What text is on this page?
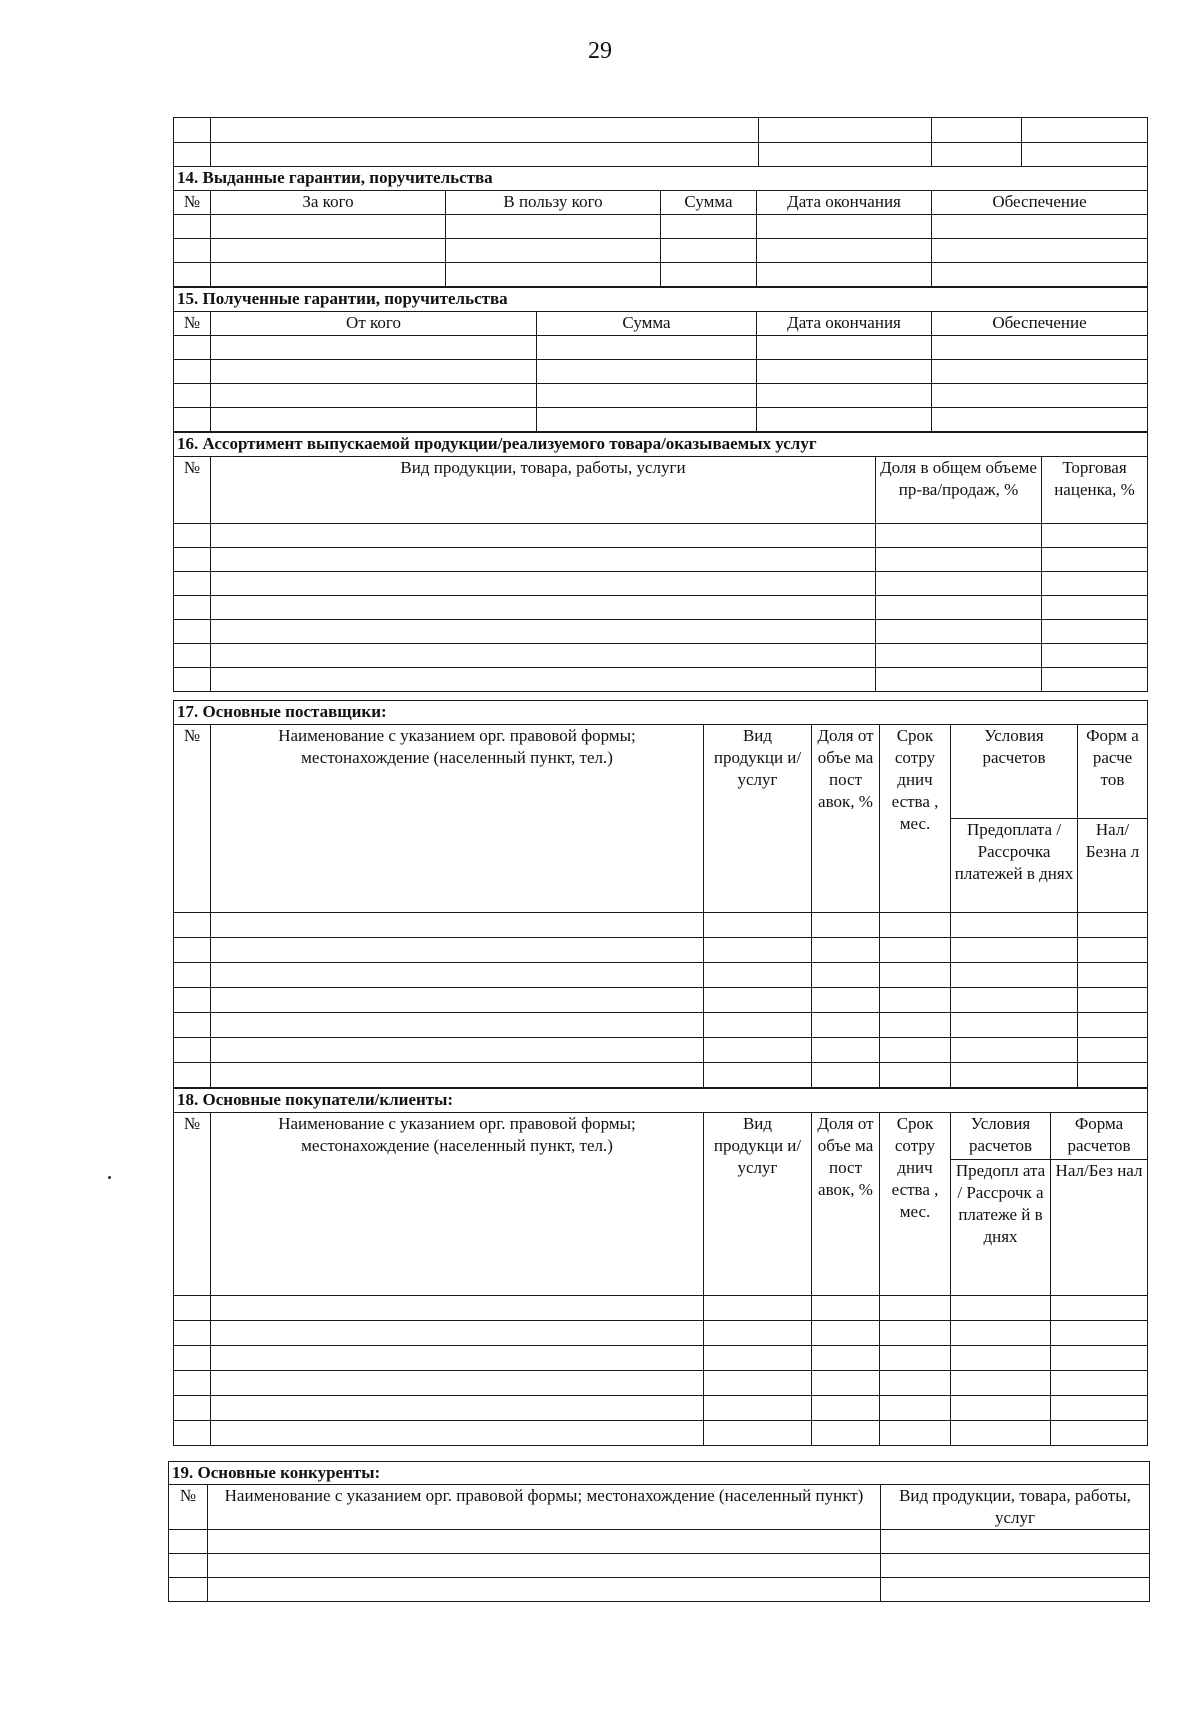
29

14. Выданные гарантии, поручительства					
№	За кого	В пользу кого	Сумма	Дата окончания	Обеспечение

15. Полученные гарантии, поручительства				
№	От кого	Сумма	Дата окончания	Обеспечение

16. Ассортимент выпускаемой продукции/реализуемого товара/оказываемых услуг			
№	Вид продукции, товара, работы, услуги	Доля в общем объеме пр-ва/продаж, %	Торговая наценка, %

17. Основные поставщики:						
№	Наименование с указанием орг. правовой формы; местонахождение (населенный пункт, тел.)	Вид продукци и/услуг	Доля от объе ма пост авок, %	Срок сотру днич ества , мес.	Условия расчетов	Форм а расче тов
					Предоплата / Рассрочка платежей в днях	Нал/ Безна л

18. Основные покупатели/клиенты:						
№	Наименование с указанием орг. правовой формы; местонахождение (населенный пункт, тел.)	Вид продукци и/услуг	Доля от объе ма пост авок, %	Срок сотру днич ества , мес.	Условия расчетов	Форма расчетов
					Предопл ата / Рассрочк а платеже й в днях	Нал/Без нал

19. Основные конкуренты:		
№	Наименование с указанием орг. правовой формы; местонахождение (населенный пункт)	Вид продукции, товара, работы, услуг
